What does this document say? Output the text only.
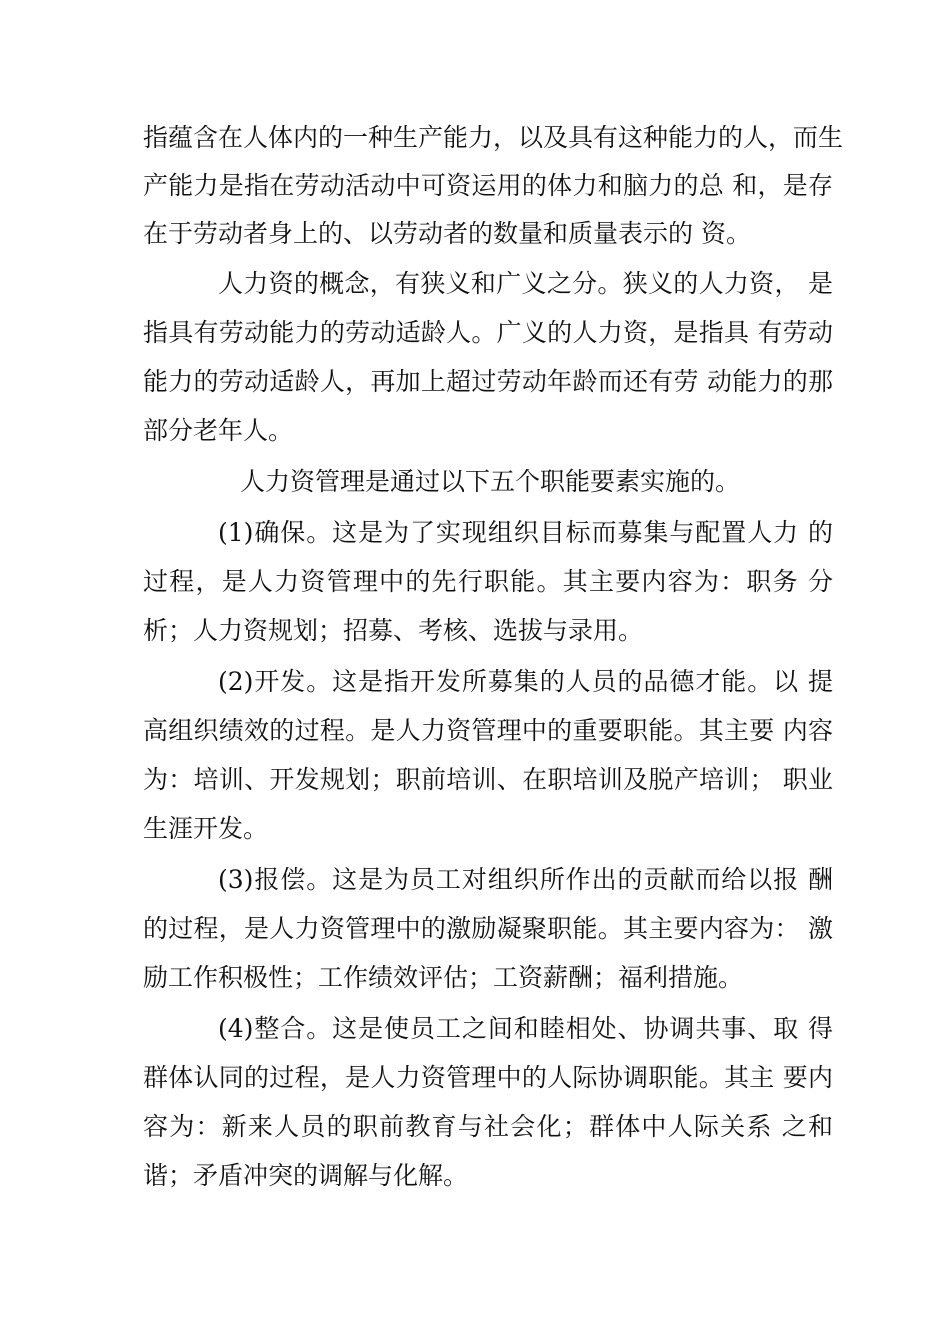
指蕴含在人体内的一种生产能力，以及具有这种能力的人，而生
产能力是指在劳动活动中可资运用的体力和脑力的总 和，是存
在于劳动者身上的、以劳动者的数量和质量表示的 资。
人力资的概念，有狭义和广义之分。狭义的人力资， 是
指具有劳动能力的劳动适龄人。广义的人力资，是指具 有劳动
能力的劳动适龄人，再加上超过劳动年龄而还有劳 动能力的那
部分老年人。
人力资管理是通过以下五个职能要素实施的。
(1)确保。这是为了实现组织目标而募集与配置人力 的
过程，是人力资管理中的先行职能。其主要内容为：职务 分
析；人力资规划；招募、考核、选拔与录用。
(2)开发。这是指开发所募集的人员的品德才能。以 提
高组织绩效的过程。是人力资管理中的重要职能。其主要 内容
为：培训、开发规划；职前培训、在职培训及脱产培训； 职业
生涯开发。
(3)报偿。这是为员工对组织所作出的贡献而给以报 酬
的过程，是人力资管理中的激励凝聚职能。其主要内容为： 激
励工作积极性；工作绩效评估；工资薪酬；福利措施。
(4)整合。这是使员工之间和睦相处、协调共事、取 得
群体认同的过程，是人力资管理中的人际协调职能。其主 要内
容为：新来人员的职前教育与社会化；群体中人际关系 之和
谐；矛盾冲突的调解与化解。
